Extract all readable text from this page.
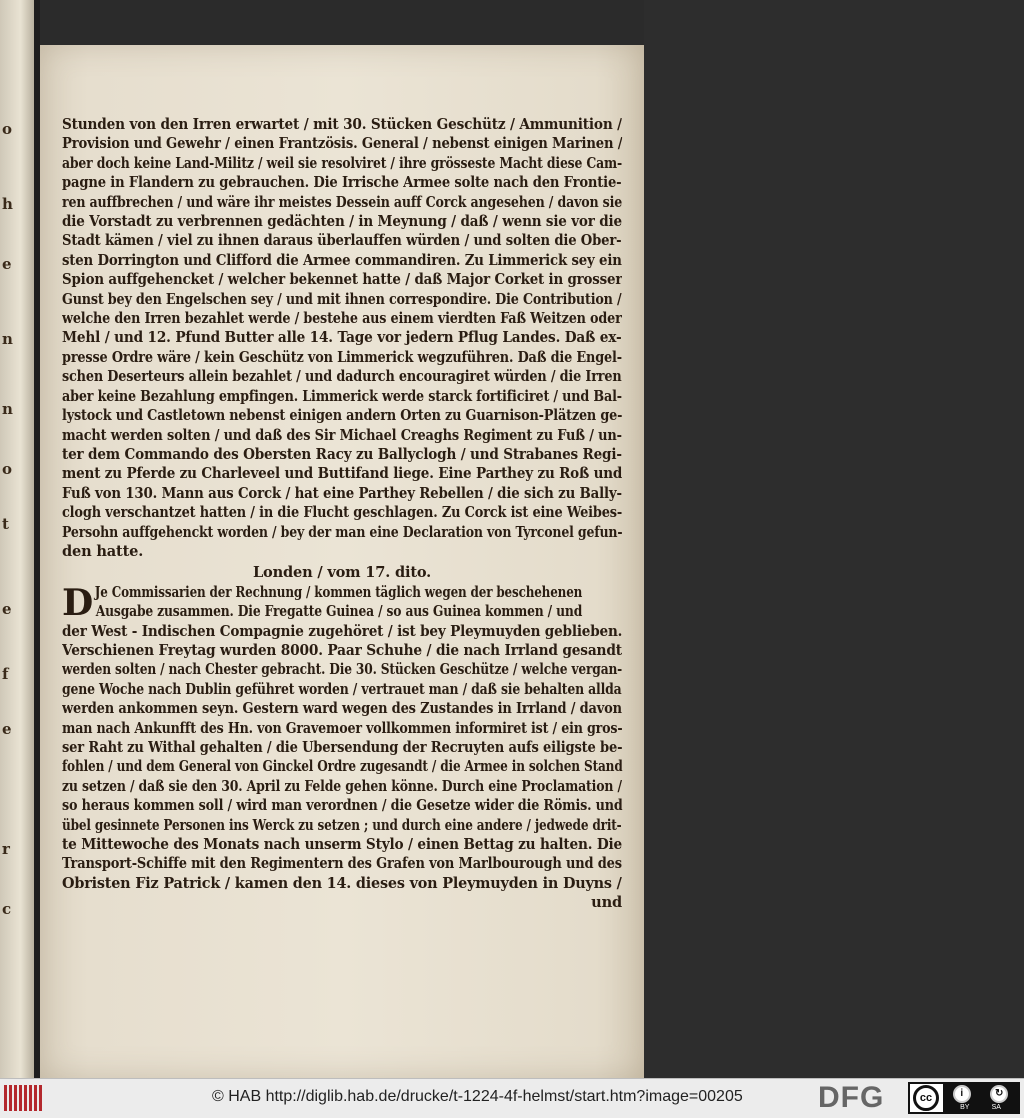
o
h
e
n
n
o
t
e
f
e
r
c
Stunden von den Irren erwartet / mit 30. Stücken Geschütz / Ammunition /
Provision und Gewehr / einen Frantzösis. General / nebenst einigen Marinen /
aber doch keine Land-Militz / weil sie resolviret / ihre grösseste Macht diese Cam-
pagne in Flandern zu gebrauchen. Die Irrische Armee solte nach den Frontie-
ren auffbrechen / und wäre ihr meistes Dessein auff Corck angesehen / davon sie
die Vorstadt zu verbrennen gedächten / in Meynung / daß / wenn sie vor die
Stadt kämen / viel zu ihnen daraus überlauffen würden / und solten die Ober-
sten Dorrington und Clifford die Armee commandiren. Zu Limmerick sey ein
Spion auffgehencket / welcher bekennet hatte / daß Major Corket in grosser
Gunst bey den Engelschen sey / und mit ihnen correspondire. Die Contribution /
welche den Irren bezahlet werde / bestehe aus einem vierdten Faß Weitzen oder
Mehl / und 12. Pfund Butter alle 14. Tage vor jedern Pflug Landes. Daß ex-
presse Ordre wäre / kein Geschütz von Limmerick wegzuführen. Daß die Engel-
schen Deserteurs allein bezahlet / und dadurch encouragiret würden / die Irren
aber keine Bezahlung empfingen. Limmerick werde starck fortificiret / und Bal-
lystock und Castletown nebenst einigen andern Orten zu Guarnison-Plätzen ge-
macht werden solten / und daß des Sir Michael Creaghs Regiment zu Fuß / un-
ter dem Commando des Obersten Racy zu Ballyclogh / und Strabanes Regi-
ment zu Pferde zu Charleveel und Buttifand liege. Eine Parthey zu Roß und
Fuß von 130. Mann aus Corck / hat eine Parthey Rebellen / die sich zu Bally-
clogh verschantzet hatten / in die Flucht geschlagen. Zu Corck ist eine Weibes-
Persohn auffgehenckt worden / bey der man eine Declaration von Tyrconel gefun-
den hatte.
Londen / vom 17. dito.
D Je Commissarien der Rechnung / kommen täglich wegen der beschehenen
Ausgabe zusammen. Die Fregatte Guinea / so aus Guinea kommen / und
der West - Indischen Compagnie zugehöret / ist bey Pleymuyden geblieben.
Verschienen Freytag wurden 8000. Paar Schuhe / die nach Irrland gesandt
werden solten / nach Chester gebracht. Die 30. Stücken Geschütze / welche vergan-
gene Woche nach Dublin geführet worden / vertrauet man / daß sie behalten allda
werden ankommen seyn. Gestern ward wegen des Zustandes in Irrland / davon
man nach Ankunfft des Hn. von Gravemoer vollkommen informiret ist / ein gros-
ser Raht zu Withal gehalten / die Ubersendung der Recruyten aufs eiligste be-
fohlen / und dem General von Ginckel Ordre zugesandt / die Armee in solchen Stand
zu setzen / daß sie den 30. April zu Felde gehen könne. Durch eine Proclamation /
so heraus kommen soll / wird man verordnen / die Gesetze wider die Römis. und
übel gesinnete Personen ins Werck zu setzen ; und durch eine andere / jedwede drit-
te Mittewoche des Monats nach unserm Stylo / einen Bettag zu halten. Die
Transport-Schiffe mit den Regimentern des Grafen von Marlbourough und des
Obristen Fiz Patrick / kamen den 14. dieses von Pleymuyden in Duyns /
und
© HAB http://diglib.hab.de/drucke/t-1224-4f-helmst/start.htm?image=00205	DFG	cc	i	↻
BY	SA
